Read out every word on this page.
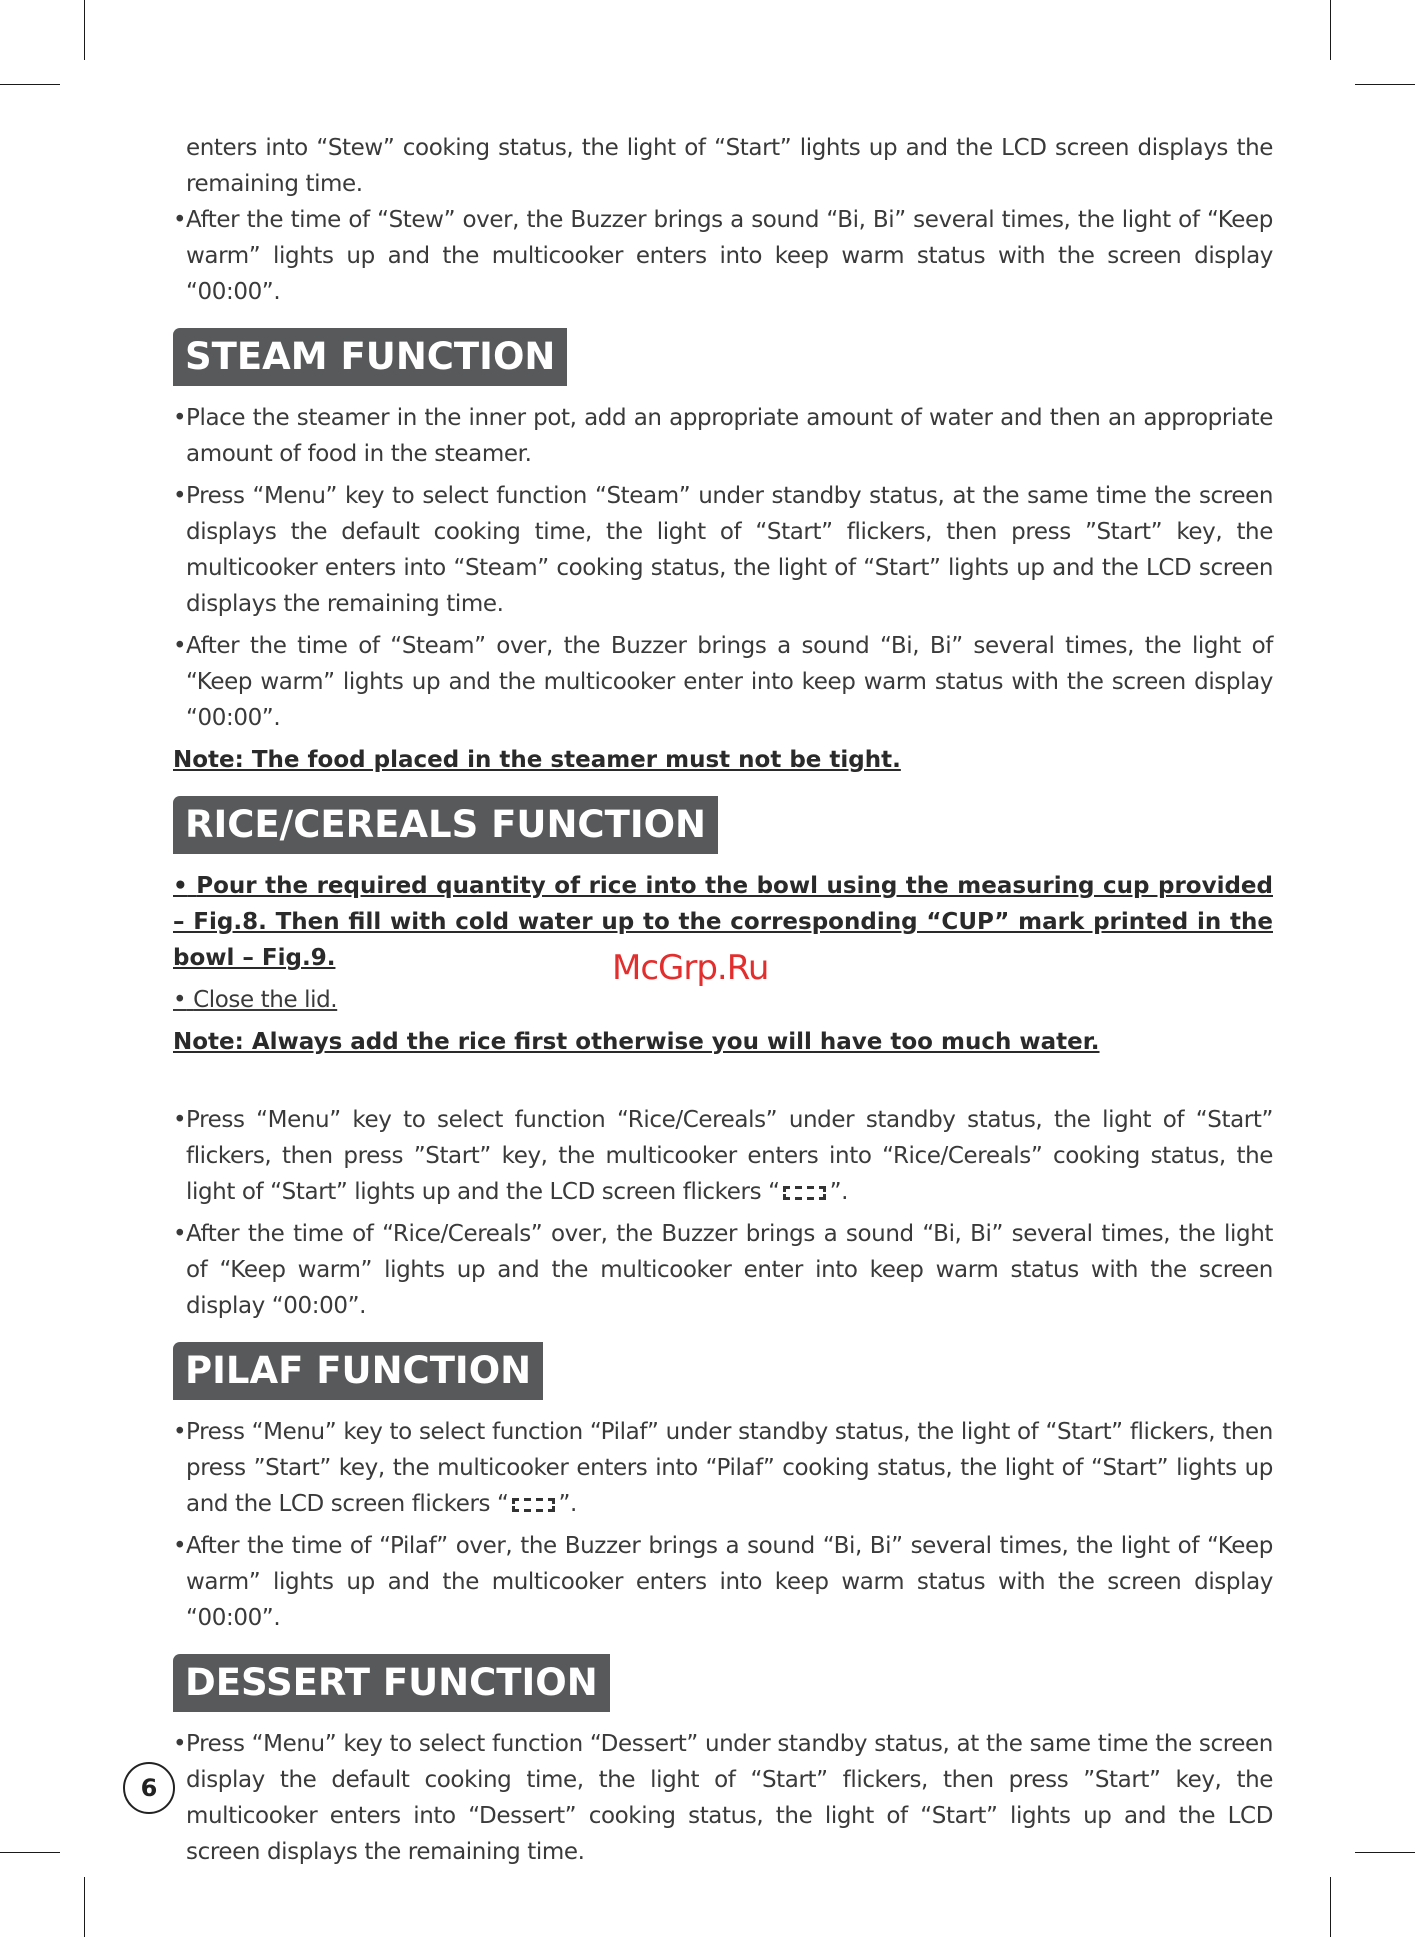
enters into “Stew” cooking status, the light of “Start” lights up and the LCD screen displays the remaining time.

• After the time of “Stew” over, the Buzzer brings a sound “Bi, Bi” several times, the light of “Keep warm” lights up and the multicooker enters into keep warm status with the screen display “00:00”.

STEAM FUNCTION

• Place the steamer in the inner pot, add an appropriate amount of water and then an appropriate amount of food in the steamer.

• Press “Menu” key to select function “Steam” under standby status, at the same time the screen displays the default cooking time, the light of “Start” flickers, then press ”Start” key, the multicooker enters into “Steam” cooking status, the light of “Start” lights up and the LCD screen displays the remaining time.

• After the time of “Steam” over, the Buzzer brings a sound “Bi, Bi” several times, the light of “Keep warm” lights up and the multicooker enter into keep warm status with the screen display “00:00”.

Note: The food placed in the steamer must not be tight.
RICE/CEREALS FUNCTION
• Pour the required quantity of rice into the bowl using the measuring cup provided – Fig.8. Then fill with cold water up to the corresponding “CUP” mark printed in the bowl – Fig.9.

• Close the lid.

Note: Always add the rice first otherwise you will have too much water.

• Press “Menu” key to select function “Rice/Cereals” under standby status, the light of “Start” flickers, then press ”Start” key, the multicooker enters into “Rice/Cereals” cooking status, the light of “Start” lights up and the LCD screen flickers “ ”.

• After the time of “Rice/Cereals” over, the Buzzer brings a sound “Bi, Bi” several times, the light of “Keep warm” lights up and the multicooker enter into keep warm status with the screen display “00:00”.

PILAF FUNCTION

• Press “Menu” key to select function “Pilaf” under standby status, the light of “Start” flickers, then press ”Start” key, the multicooker enters into “Pilaf” cooking status, the light of “Start” lights up and the LCD screen flickers “ ”.

• After the time of “Pilaf” over, the Buzzer brings a sound “Bi, Bi” several times, the light of “Keep warm” lights up and the multicooker enters into keep warm status with the screen display “00:00”.

DESSERT FUNCTION

• Press “Menu” key to select function “Dessert” under standby status, at the same time the screen display the default cooking time, the light of “Start” flickers, then press ”Start” key, the multicooker enters into “Dessert” cooking status, the light of “Start” lights up and the LCD screen displays the remaining time.

McGrp.Ru
6
